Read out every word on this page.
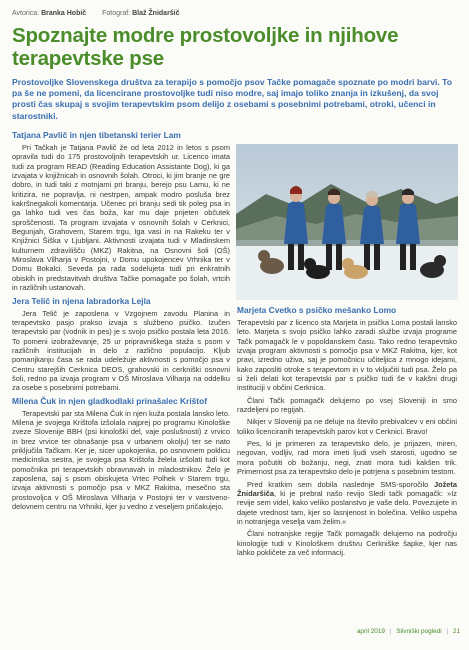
Avtorica: Branka Hobič Fotograf: Blaž Žnidaršič
Spoznajte modre prostovoljke in njihove terapevtske pse

Prostovoljke Slovenskega društva za terapijo s pomočjo psov Tačke pomagače spoznate po modri barvi. To pa še ne pomeni, da licencirane prostovoljke tudi niso modre, saj imajo toliko znanja in izkušenj, da svoj prosti čas skupaj s svojim terapevtskim psom delijo z osebami s posebnimi potrebami, otroki, učenci in starostniki.

Tatjana Pavlič in njen tibetanski terier Lam

Pri Tačkah je Tatjana Pavlič že od leta 2012 in letos s psom opravila tudi do 175 prostovoljnih terapevtskih ur. Licenco imata tudi za program READ (Reading Education Assistante Dog), ki ga izvajata v knjižnicah in osnovnih šolah. Otroci, ki jim branje ne gre dobro, in tudi taki z motnjami pri branju, berejo psu Lamu, ki ne kritizira, ne popravlja, ni nestrpen, ampak modro posluša brez kakršnegakoli komentarja. Učenec pri branju sedi tik poleg psa in ga lahko tudi ves čas boža, kar mu daje prijeten občutek sproščenosti. Ta program izvajata v osnovnih šolah v Cerknici, Begunjah, Grahovem, Starem trgu, Iga vasi in na Rakeku ter v Knjižnici Šiška v Ljubljani. Aktivnosti izvajata tudi v Mladinskem kulturnem zdravilišču (MKZ) Rakitna, na Osnovni šoli (OŠ) Miroslava Vilharja v Postojni, v Domu upokojencev Vrhnika ter v Domu Bokalci. Seveda pa rada sodelujeta tudi pri enkratnih obiskih in predstavitvah društva Tačke pomagače po šolah, vrtcih in različnih ustanovah.

Jera Telič in njena labradorka Lejla

Jera Telič je zaposlena v Vzgojnem zavodu Planina in terapevtsko pasjo prakso izvaja s službeno psičko. Izučen terapevtski par (vodnik in pes) je s svojo psičko postala leta 2016. To pomeni izobraževanje, 25 ur pripravniškega staža s psom v različnih institucijah in delo z različno populacijo. Kljub pomanjkanju časa se rada udeležuje aktivnosti s pomočjo psa v Centru starejših Cerknica DEOS, grahovski in cerkniški osnovni šoli, redno pa izvaja program v OŠ Miroslava Vilharja na oddelku za osebe s posebnimi potrebami.

Milena Čuk in njen gladkodlaki prinašalec Krištof

Terapevtski par sta Milena Čuk in njen kuža postala lansko leto. Milena je svojega Krištofa izšolala najprej po programu Kinološke zveze Slovenije BBH (psi kinološki del, vaje poslušnosti) z vrvico in brez vrvice ter obnašanje psa v urbanem okolju) ter se nato priključila Tačkam. Ker je, sicer upokojenka, po osnovnem poklicu medicinska sestra, je svojega psa Krištofa želela izšolati tudi kot pomočnika pri terapevtskih obravnavah in mladostnikov. Želo je zaposlena, saj s psom obiskujeta Vrtec Polhek v Starem trgu, izvaja aktivnosti s pomočjo psa v MKZ Rakitna, mesečno sta prostovoljca v OŠ Miroslava Vilharja v Postojni ter v varstveno-delovnem centru na Vrhniki, kjer ju vedno z veseljem pričakujejo.

Marjeta Cvetko s psičko mešanko Lomo

Terapevtski par z licenco sta Marjeta in psička Loma postali lansko leto. Marjeta s svojo psičko lahko zaradi službe izvaja programe Tačk pomagačk le v popoldanskem času. Tako redno terapevtsko izvaja program aktivnosti s pomočjo psa v MKZ Rakitna, kjer, kot pravi, izredno uživa, saj je pomočnicu učiteljica z mnogo idejami, kako zaposliti otroke s terapevtom in v to vključiti tudi psa. Želo pa si želi delati kot terapevtski par s psičko tudi še v kakšni drugi instituciji v občini Cerknica.

Člani Tačk pomagačk delujemo po vsej Sloveniji in smo razdeljeni po regijah.

Nikjer v Sloveniji pa ne deluje na število prebivalcev v eni občini toliko licenciranih terapevtskih parov kot v Cerknici. Bravo!

Pes, ki je primeren za terapevtsko delo, je prijazen, miren, negovan, vodljiv, rad mora imeti ljudi vseh starosti, ugodno se mora počutiti ob božanju, negi, znati mora tudi kakšen trik. Primernost psa za terapevtsko delo je potrjena s posebnim testom.

Pred kratkim sem dobila naslednje SMS-sporočilo Jožeta Žnidaršiča, ki je prebral našo revijo Sledi tačk pomagačk: »Iz revije sem videl, kako veliko poslanstvo je vaše delo. Povezujete in dajete vrednost tam, kjer so lasnjenost in bolečina. Veliko uspeha in notranjega veselja vam želim.«

Člani notranjske regije Tačk pomagačk delujemo na področju kinologije tudi v Kinološkem društvu Cerkniške šapke, kjer nas lahko pokličete za več informacij.

april 2019 | Slivniški pogledi | 21
